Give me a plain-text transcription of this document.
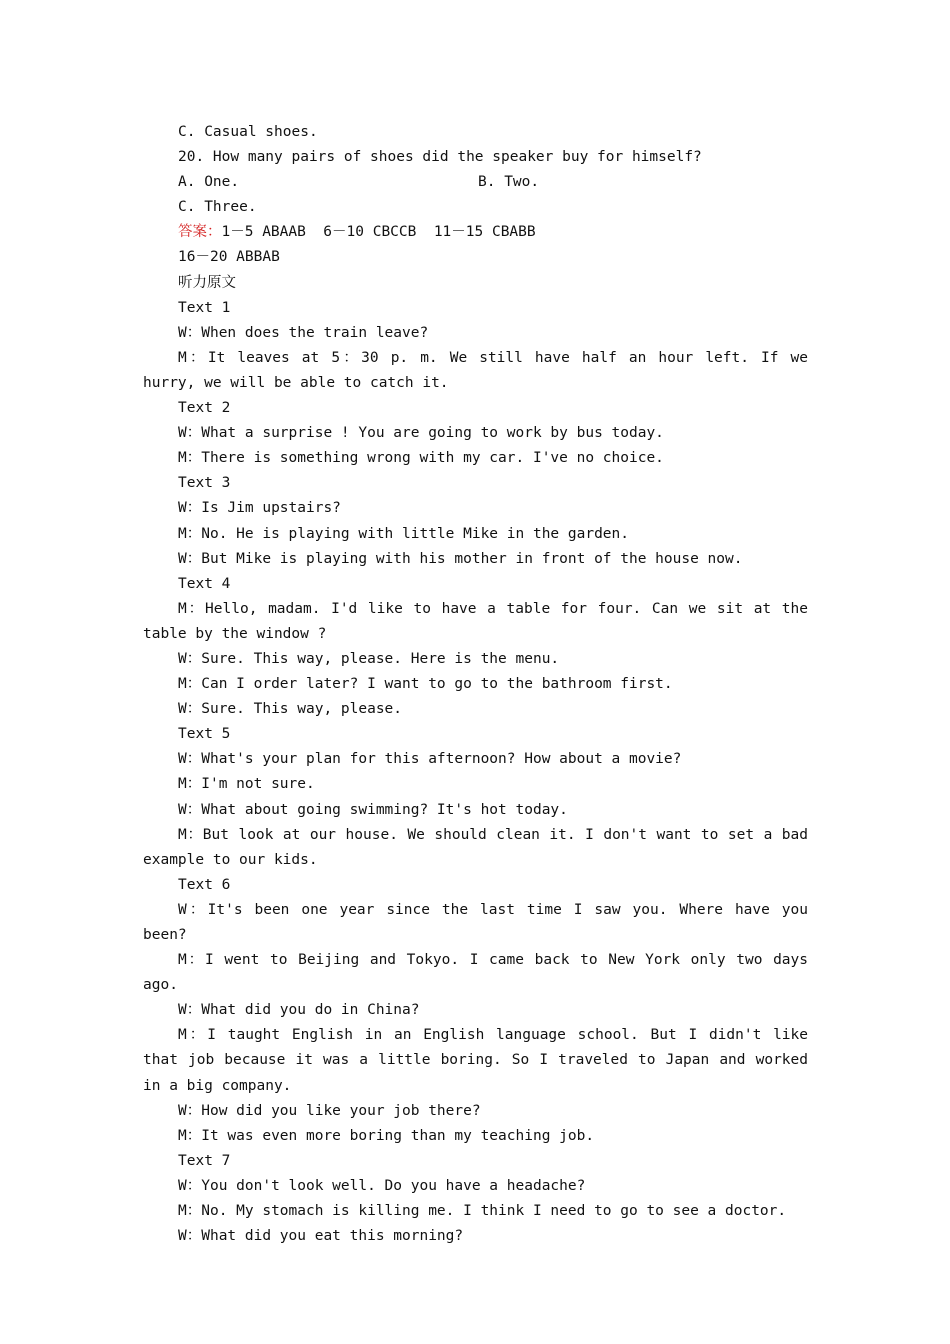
C. Casual shoes.
20. How many pairs of shoes did the speaker buy for himself?
A. One.	B. Two.
C. Three.
答案：1－5 ABAAB  6－10 CBCCB  11－15 CBABB
16－20 ABBAB
听力原文
Text 1
W：When does the train leave?
M：It leaves at 5：30 p. m. We still have half an hour left. If we hurry, we will be able to catch it.
Text 2
W：What a surprise ! You are going to work by bus today.
M：There is something wrong with my car. I've no choice.
Text 3
W：Is Jim upstairs?
M：No. He is playing with little Mike in the garden.
W：But Mike is playing with his mother in front of the house now.
Text 4
M：Hello, madam. I'd like to have a table for four. Can we sit at the table by the window ?
W：Sure. This way, please. Here is the menu.
M：Can I order later? I want to go to the bathroom first.
W：Sure. This way, please.
Text 5
W：What's your plan for this afternoon? How about a movie?
M：I'm not sure.
W：What about going swimming? It's hot today.
M：But look at our house. We should clean it. I don't want to set a bad example to our kids.
Text 6
W：It's been one year since the last time I saw you. Where have you been?
M：I went to Beijing and Tokyo. I came back to New York only two days ago.
W：What did you do in China?
M：I taught English in an English language school. But I didn't like that job because it was a little boring. So I traveled to Japan and worked in a big company.
W：How did you like your job there?
M：It was even more boring than my teaching job.
Text 7
W：You don't look well. Do you have a headache?
M：No. My stomach is killing me. I think I need to go to see a doctor.
W：What did you eat this morning?
